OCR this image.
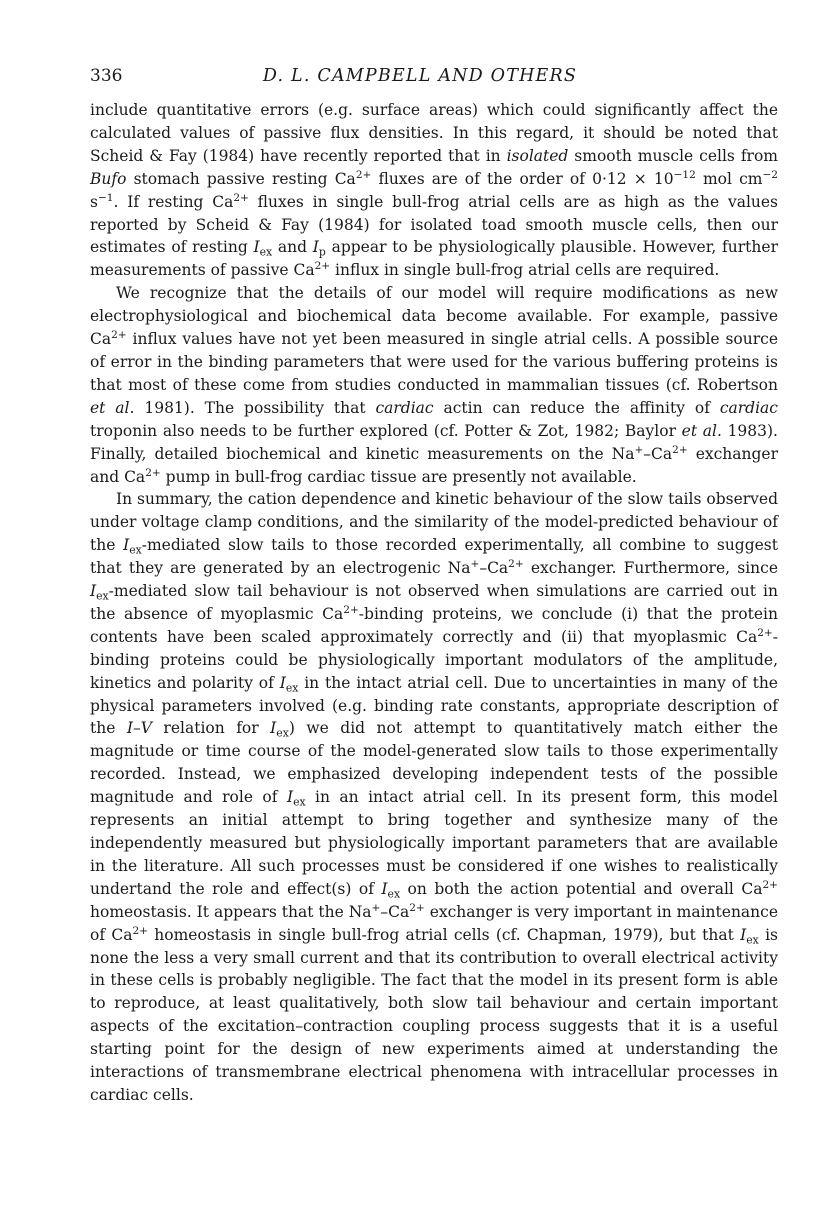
336	D. L. CAMPBELL AND OTHERS

include quantitative errors (e.g. surface areas) which could significantly affect the calculated values of passive flux densities. In this regard, it should be noted that Scheid & Fay (1984) have recently reported that in isolated smooth muscle cells from Bufo stomach passive resting $Ca^{2+}$ fluxes are of the order of $0\cdot 12 \times 10^{-12}$ mol $cm^{-2}$ $s^{-1}$. If resting $Ca^{2+}$ fluxes in single bull-frog atrial cells are as high as the values reported by Scheid & Fay (1984) for isolated toad smooth muscle cells, then our estimates of resting $I_{ex}$ and $I_p$ appear to be physiologically plausible. However, further measurements of passive $Ca^{2+}$ influx in single bull-frog atrial cells are required.

We recognize that the details of our model will require modifications as new electrophysiological and biochemical data become available. For example, passive $Ca^{2+}$ influx values have not yet been measured in single atrial cells. A possible source of error in the binding parameters that were used for the various buffering proteins is that most of these come from studies conducted in mammalian tissues (cf. Robertson et al. 1981). The possibility that cardiac actin can reduce the affinity of cardiac troponin also needs to be further explored (cf. Potter & Zot, 1982; Baylor et al. 1983). Finally, detailed biochemical and kinetic measurements on the $Na^+-Ca^{2+}$ exchanger and $Ca^{2+}$ pump in bull-frog cardiac tissue are presently not available.

In summary, the cation dependence and kinetic behaviour of the slow tails observed under voltage clamp conditions, and the similarity of the model-predicted behaviour of the $I_{ex}$-mediated slow tails to those recorded experimentally, all combine to suggest that they are generated by an electrogenic $Na^+-Ca^{2+}$ exchanger. Furthermore, since $I_{ex}$-mediated slow tail behaviour is not observed when simulations are carried out in the absence of myoplasmic $Ca^{2+}$-binding proteins, we conclude (i) that the protein contents have been scaled approximately correctly and (ii) that myoplasmic $Ca^{2+}$-binding proteins could be physiologically important modulators of the amplitude, kinetics and polarity of $I_{ex}$ in the intact atrial cell. Due to uncertainties in many of the physical parameters involved (e.g. binding rate constants, appropriate description of the I–V relation for $I_{ex}$) we did not attempt to quantitatively match either the magnitude or time course of the model-generated slow tails to those experimentally recorded. Instead, we emphasized developing independent tests of the possible magnitude and role of $I_{ex}$ in an intact atrial cell. In its present form, this model represents an initial attempt to bring together and synthesize many of the independently measured but physiologically important parameters that are available in the literature. All such processes must be considered if one wishes to realistically undertand the role and effect(s) of $I_{ex}$ on both the action potential and overall $Ca^{2+}$ homeostasis. It appears that the $Na^+-Ca^{2+}$ exchanger is very important in maintenance of $Ca^{2+}$ homeostasis in single bull-frog atrial cells (cf. Chapman, 1979), but that $I_{ex}$ is none the less a very small current and that its contribution to overall electrical activity in these cells is probably negligible. The fact that the model in its present form is able to reproduce, at least qualitatively, both slow tail behaviour and certain important aspects of the excitation–contraction coupling process suggests that it is a useful starting point for the design of new experiments aimed at understanding the interactions of transmembrane electrical phenomena with intracellular processes in cardiac cells.
